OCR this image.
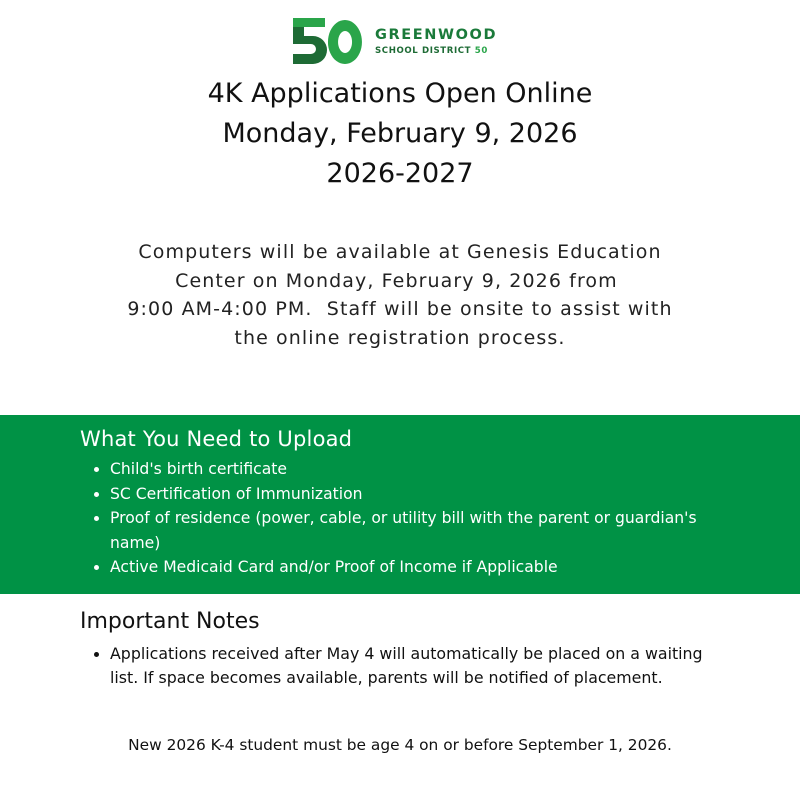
GREENWOOD
SCHOOL DISTRICT 50
4K Applications Open Online
Monday, February 9, 2026
2026-2027
Computers will be available at Genesis Education
Center on Monday, February 9, 2026 from
9:00 AM-4:00 PM.  Staff will be onsite to assist with
the online registration process.
What You Need to Upload
Child's birth certificate
SC Certification of Immunization
Proof of residence (power, cable, or utility bill with the parent or guardian's name)
Active Medicaid Card and/or Proof of Income if Applicable
Important Notes
Applications received after May 4 will automatically be placed on a waiting list. If space becomes available, parents will be notified of placement.
New 2026 K-4 student must be age 4 on or before September 1, 2026.
